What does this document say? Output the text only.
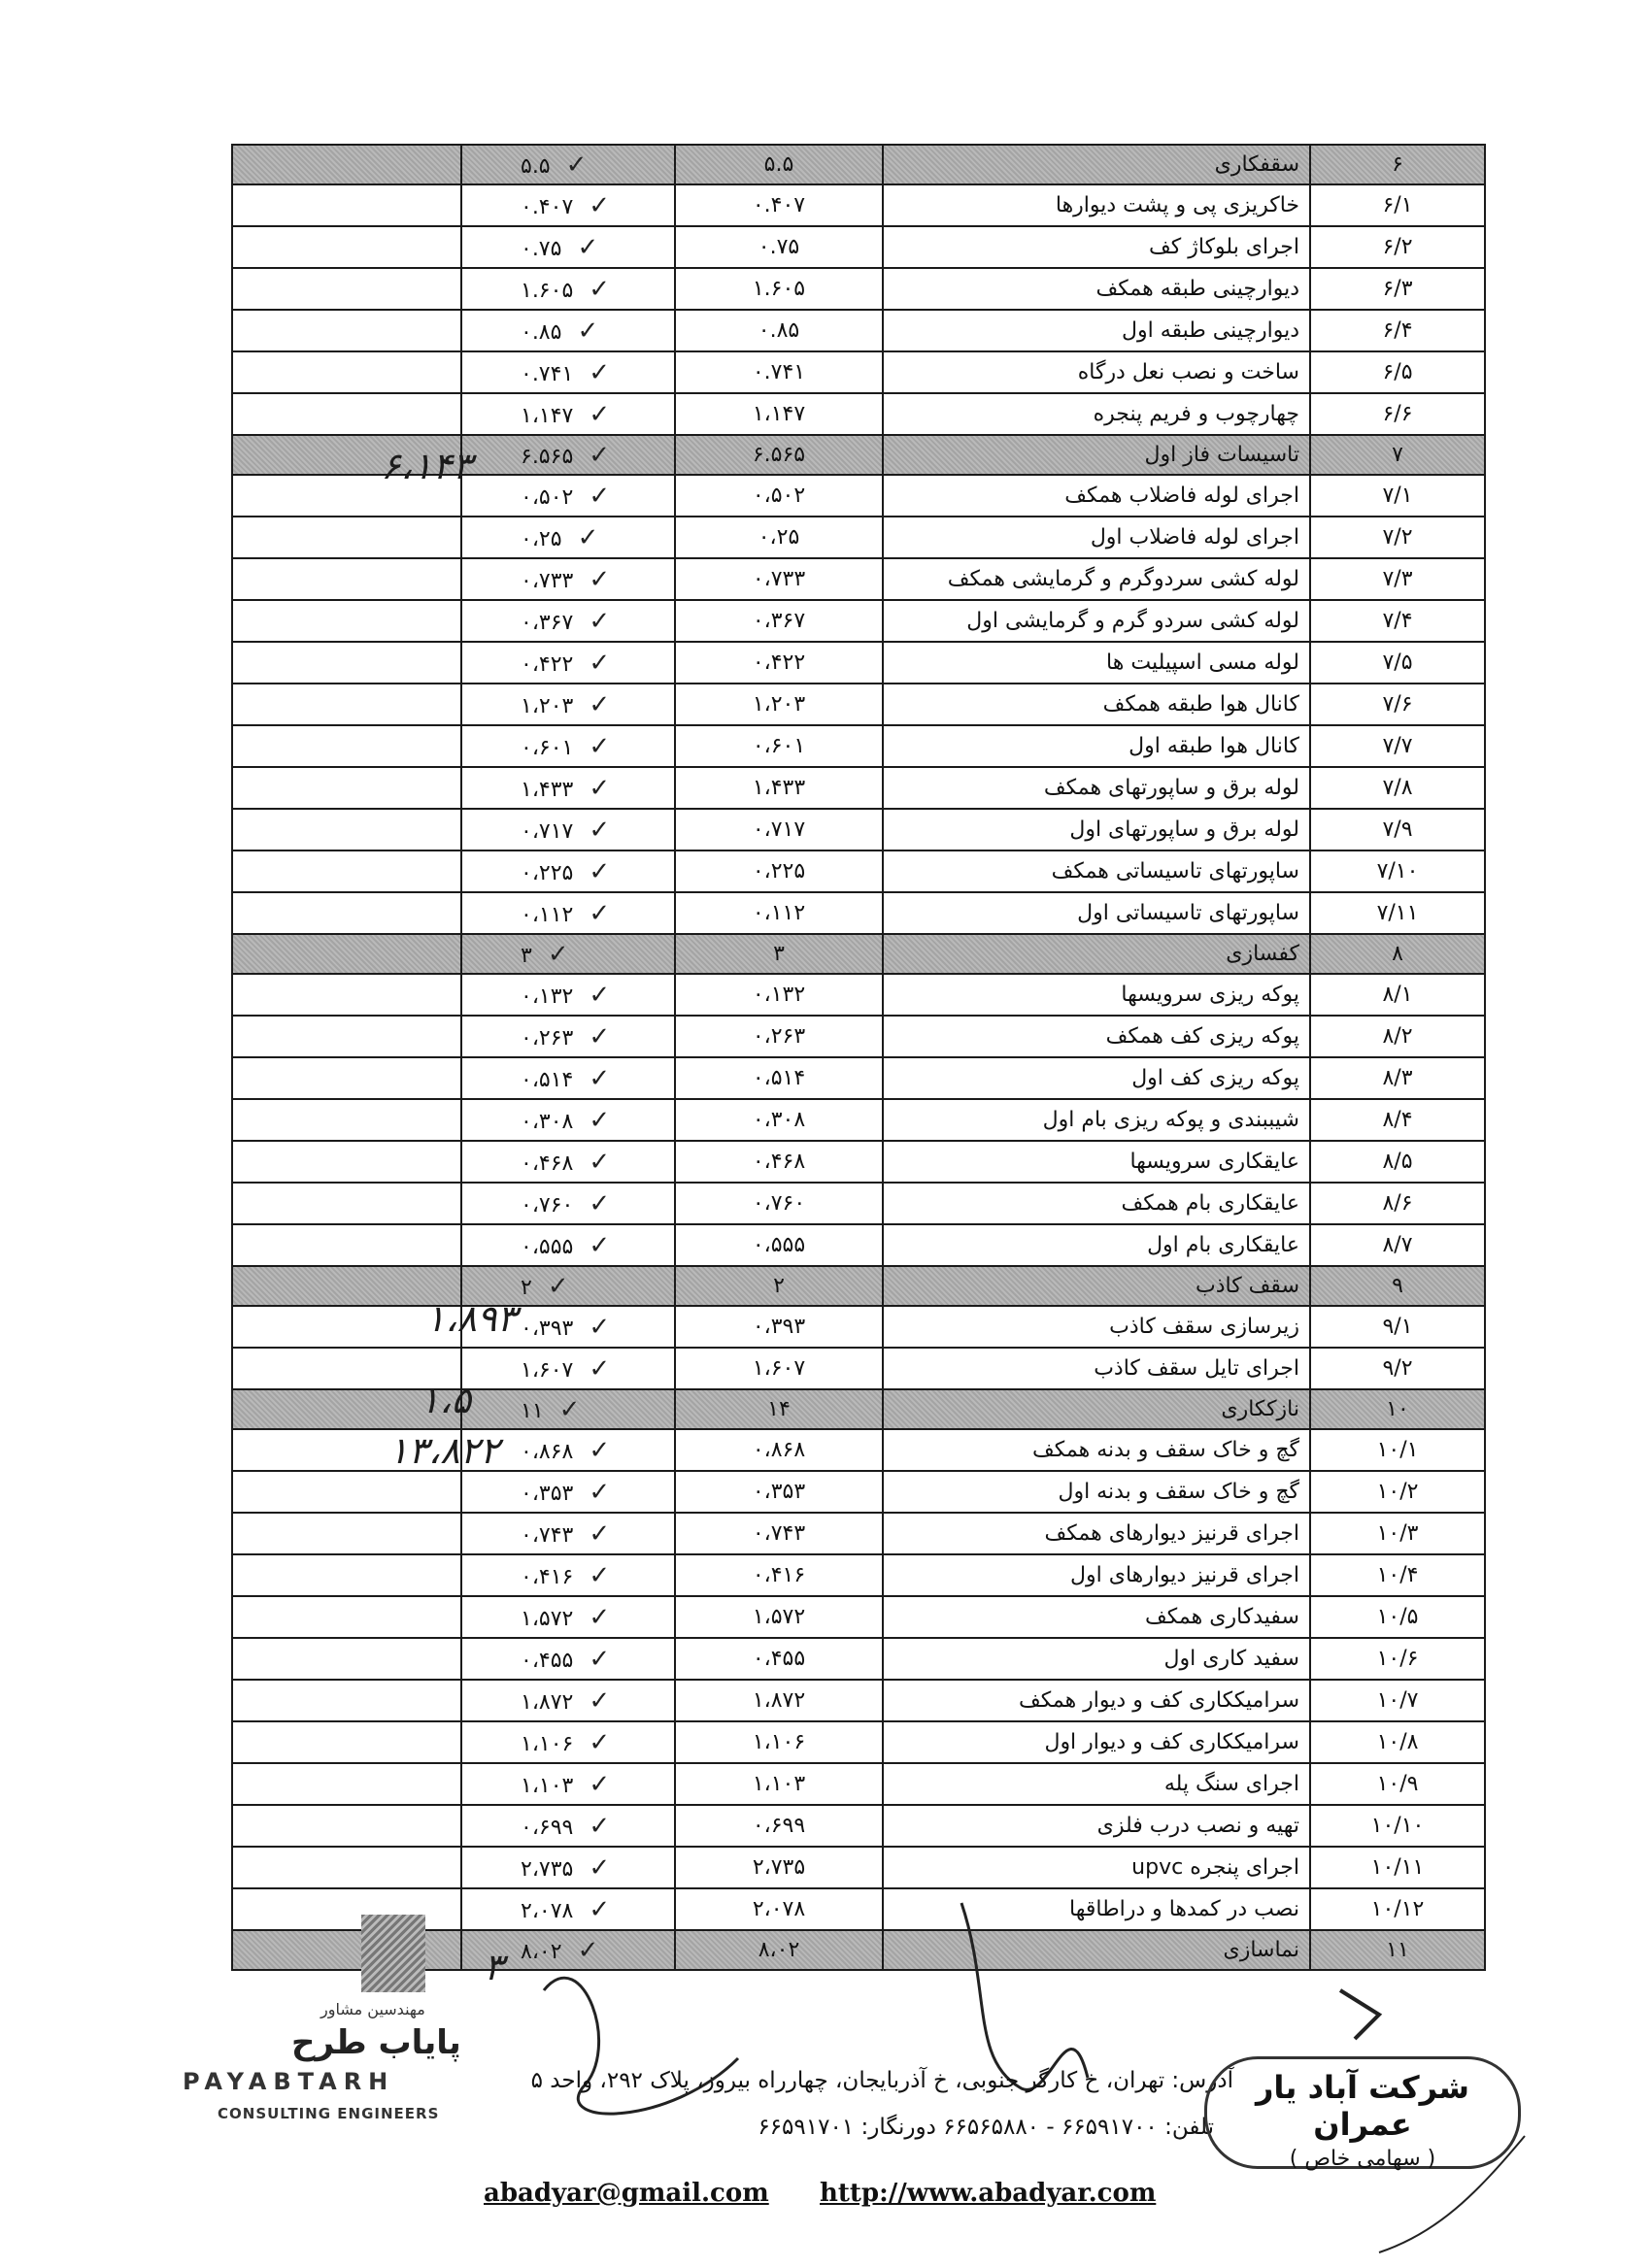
	۵.۵ ✓	۵.۵	سقفکاری	۶
	۰.۴۰۷ ✓	۰.۴۰۷	خاکریزی پی و پشت دیوارها	۶/۱
	۰.۷۵ ✓	۰.۷۵	اجرای بلوکاژ کف	۶/۲
	۱.۶۰۵ ✓	۱.۶۰۵	دیوارچینی طبقه همکف	۶/۳
	۰.۸۵ ✓	۰.۸۵	دیوارچینی طبقه اول	۶/۴
	۰.۷۴۱ ✓	۰.۷۴۱	ساخت و نصب نعل درگاه	۶/۵
	۱،۱۴۷ ✓	۱،۱۴۷	چهارچوب و فریم پنجره	۶/۶
	۶.۵۶۵ ✓	۶.۵۶۵	تاسیسات فاز اول	۷
	۰،۵۰۲ ✓	۰،۵۰۲	اجرای لوله فاضلاب همکف	۷/۱
	۰،۲۵ ✓	۰،۲۵	اجرای لوله فاضلاب اول	۷/۲
	۰،۷۳۳ ✓	۰،۷۳۳	لوله کشی سردوگرم و گرمایشی همکف	۷/۳
	۰،۳۶۷ ✓	۰،۳۶۷	لوله کشی سردو گرم و گرمایشی اول	۷/۴
	۰،۴۲۲ ✓	۰،۴۲۲	لوله مسی اسپیلیت ها	۷/۵
	۱،۲۰۳ ✓	۱،۲۰۳	کانال هوا طبقه همکف	۷/۶
	۰،۶۰۱ ✓	۰،۶۰۱	کانال هوا طبقه اول	۷/۷
	۱،۴۳۳ ✓	۱،۴۳۳	لوله برق و ساپورتهای همکف	۷/۸
	۰،۷۱۷ ✓	۰،۷۱۷	لوله برق و ساپورتهای اول	۷/۹
	۰،۲۲۵ ✓	۰،۲۲۵	ساپورتهای تاسیساتی همکف	۷/۱۰
	۰،۱۱۲ ✓	۰،۱۱۲	ساپورتهای تاسیساتی اول	۷/۱۱
	۳ ✓	۳	کفسازی	۸
	۰،۱۳۲ ✓	۰،۱۳۲	پوکه ریزی سرویسها	۸/۱
	۰،۲۶۳ ✓	۰،۲۶۳	پوکه ریزی کف همکف	۸/۲
	۰،۵۱۴ ✓	۰،۵۱۴	پوکه ریزی کف اول	۸/۳
	۰،۳۰۸ ✓	۰،۳۰۸	شیببندی و پوکه ریزی بام اول	۸/۴
	۰،۴۶۸ ✓	۰،۴۶۸	عایقکاری سرویسها	۸/۵
	۰،۷۶۰ ✓	۰،۷۶۰	عایقکاری بام همکف	۸/۶
	۰،۵۵۵ ✓	۰،۵۵۵	عایقکاری بام اول	۸/۷
	۲ ✓	۲	سقف کاذب	۹
	۰،۳۹۳ ✓	۰،۳۹۳	زیرسازی سقف کاذب	۹/۱
	۱،۶۰۷ ✓	۱،۶۰۷	اجرای تایل سقف کاذب	۹/۲
	۱۱ ✓	۱۴	نازککاری	۱۰
	۰،۸۶۸ ✓	۰،۸۶۸	گچ و خاک سقف و بدنه همکف	۱۰/۱
	۰،۳۵۳ ✓	۰،۳۵۳	گچ و خاک سقف و بدنه اول	۱۰/۲
	۰،۷۴۳ ✓	۰،۷۴۳	اجرای قرنیز دیوارهای همکف	۱۰/۳
	۰،۴۱۶ ✓	۰،۴۱۶	اجرای قرنیز دیوارهای اول	۱۰/۴
	۱،۵۷۲ ✓	۱،۵۷۲	سفیدکاری همکف	۱۰/۵
	۰،۴۵۵ ✓	۰،۴۵۵	سفید کاری اول	۱۰/۶
	۱،۸۷۲ ✓	۱،۸۷۲	سرامیککاری کف و دیوار همکف	۱۰/۷
	۱،۱۰۶ ✓	۱،۱۰۶	سرامیککاری کف و دیوار اول	۱۰/۸
	۱،۱۰۳ ✓	۱،۱۰۳	اجرای سنگ پله	۱۰/۹
	۰،۶۹۹ ✓	۰،۶۹۹	تهیه و نصب درب فلزی	۱۰/۱۰
	۲،۷۳۵ ✓	۲،۷۳۵	اجرای پنجره upvc	۱۰/۱۱
	۲،۰۷۸ ✓	۲،۰۷۸	نصب در کمدها و دراطاقها	۱۰/۱۲
	۸،۰۲ ✓	۸،۰۲	نماسازی	۱۱
۶،۱۴۳
۱،۸۹۳
۱،۵
۱۳،۸۲۲
۳
مهندسین مشاور
پایاب طرح
PAYABTARH
CONSULTING ENGINEERS
آدرس: تهران، خ کارگر جنوبی، خ آذربایجان، چهارراه بیروز، پلاک ۲۹۲، واحد ۵
تلفن: ۶۶۵۹۱۷۰۰ - ۶۶۵۶۵۸۸۰ دورنگار: ۶۶۵۹۱۷۰۱
abadyar@gmail.com http://www.abadyar.com
شرکت آباد یار عمران
( سهامی خاص )
